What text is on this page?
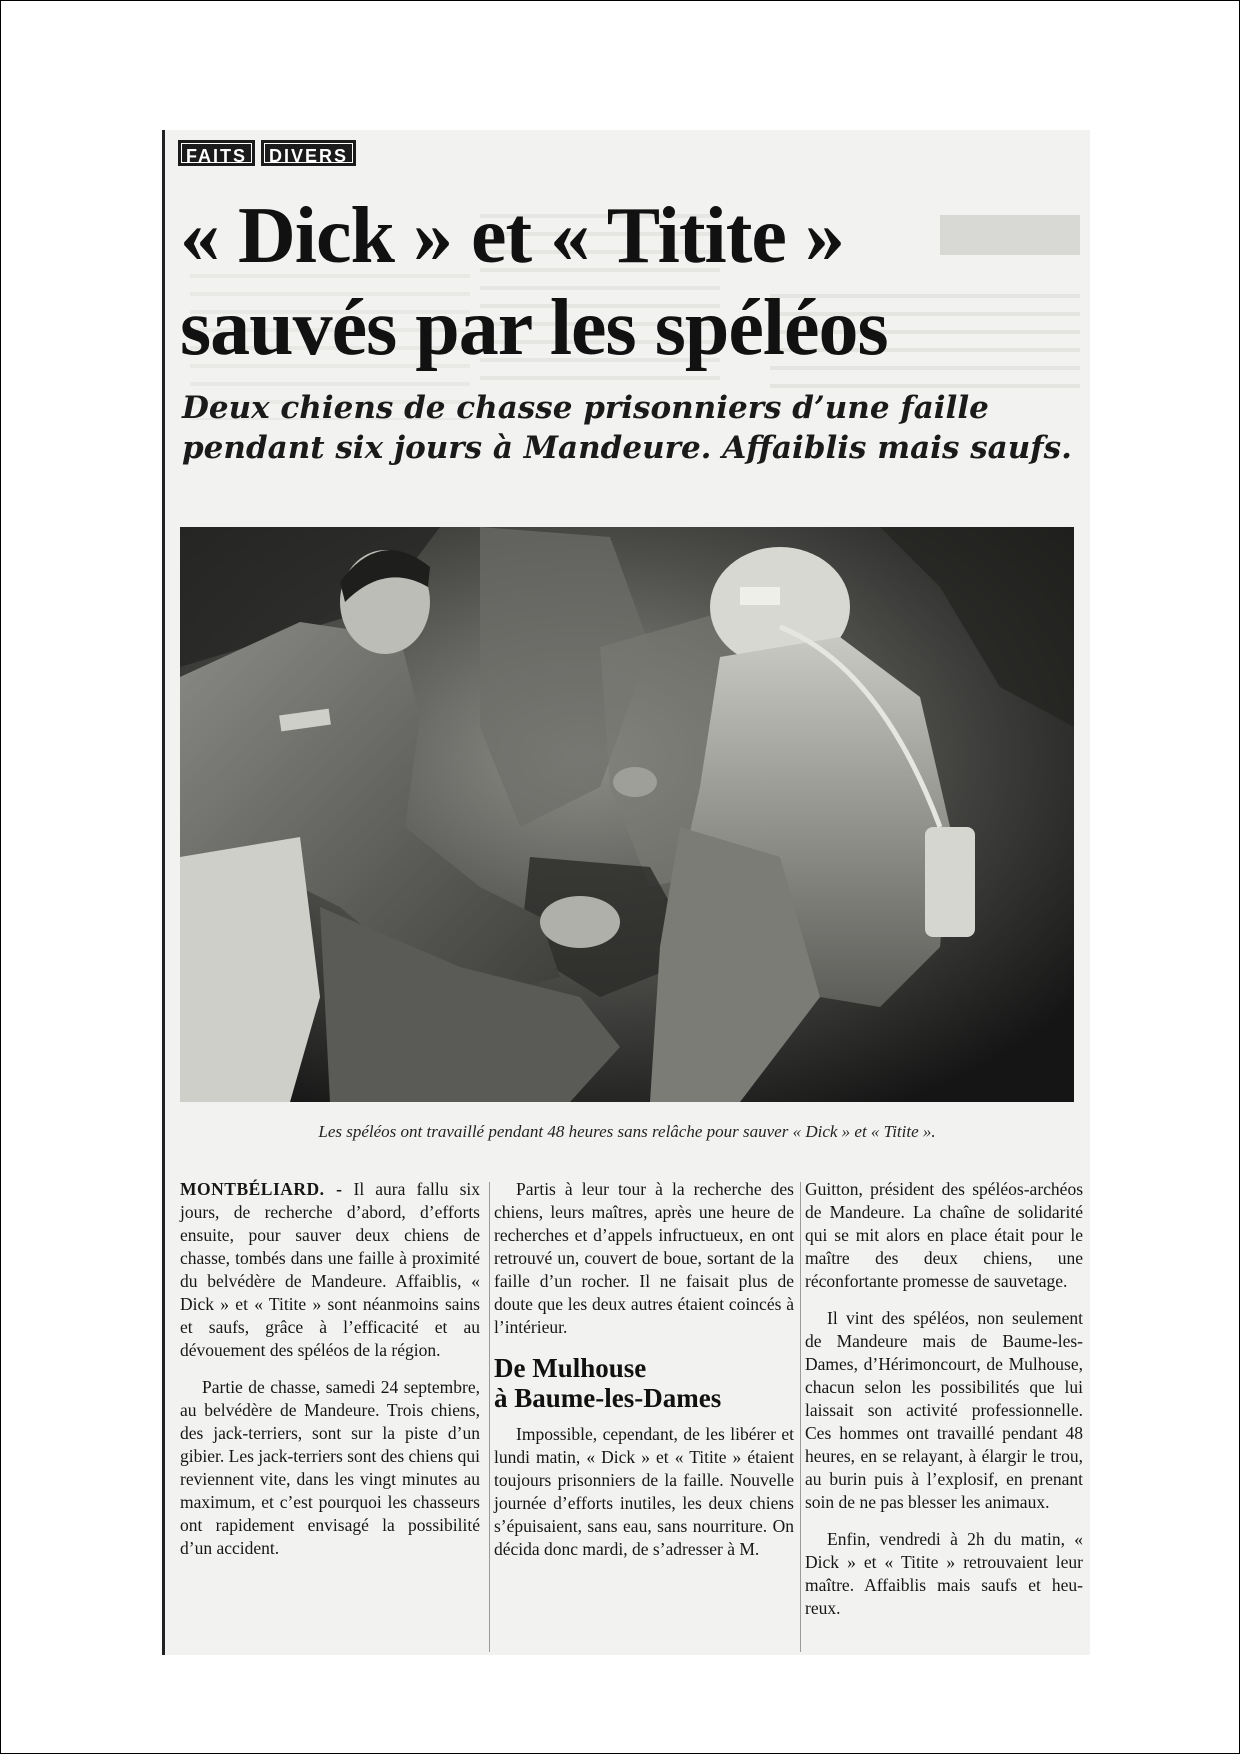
FAITS	DIVERS
« Dick » et « Titite »
sauvés par les spéléos

Deux chiens de chasse prisonniers d’une faille pendant six jours à Mandeure. Affaiblis mais saufs.

Les spéléos ont travaillé pendant 48 heures sans relâche pour sauver « Dick » et « Titite ».

MONTBÉLIARD. - Il aura fallu six jours, de recherche d’abord, d’efforts ensuite, pour sauver deux chiens de chasse, tombés dans une faille à proximité du belvédère de Mandeure. Affaiblis, « Dick » et « Titite » sont néanmoins sains et saufs, grâce à l’efficacité et au dévouement des spéléos de la région.

Partie de chasse, samedi 24 septembre, au belvédère de Mandeure. Trois chiens, des jack-terriers, sont sur la piste d’un gibier. Les jack-terriers sont des chiens qui reviennent vite, dans les vingt minutes au maximum, et c’est pourquoi les chasseurs ont rapidement envisagé la possibilité d’un accident.

Partis à leur tour à la recherche des chiens, leurs maîtres, après une heure de recherches et d’appels infructueux, en ont retrouvé un, couvert de boue, sortant de la faille d’un rocher. Il ne faisait plus de doute que les deux autres étaient coincés à l’intérieur.

De Mulhouse
à Baume-les-Dames

Impossible, cependant, de les libérer et lundi matin, « Dick » et « Titite » étaient toujours prisonniers de la faille. Nouvelle journée d’efforts inutiles, les deux chiens s’épuisaient, sans eau, sans nourriture. On décida donc mardi, de s’adresser à M.

Guitton, président des spéléos-archéos de Mandeure. La chaîne de solidarité qui se mit alors en place était pour le maître des deux chiens, une réconfortante promesse de sauvetage.

Il vint des spéléos, non seulement de Mandeure mais de Baume-les-Dames, d’Hérimoncourt, de Mulhouse, chacun selon les possibilités que lui laissait son activité professionnelle. Ces hommes ont travaillé pendant 48 heures, en se relayant, à élargir le trou, au burin puis à l’explosif, en prenant soin de ne pas blesser les animaux.

Enfin, vendredi à 2h du matin, « Dick » et « Titite » retrouvaient leur maître. Affaiblis mais saufs et heu-reux.
